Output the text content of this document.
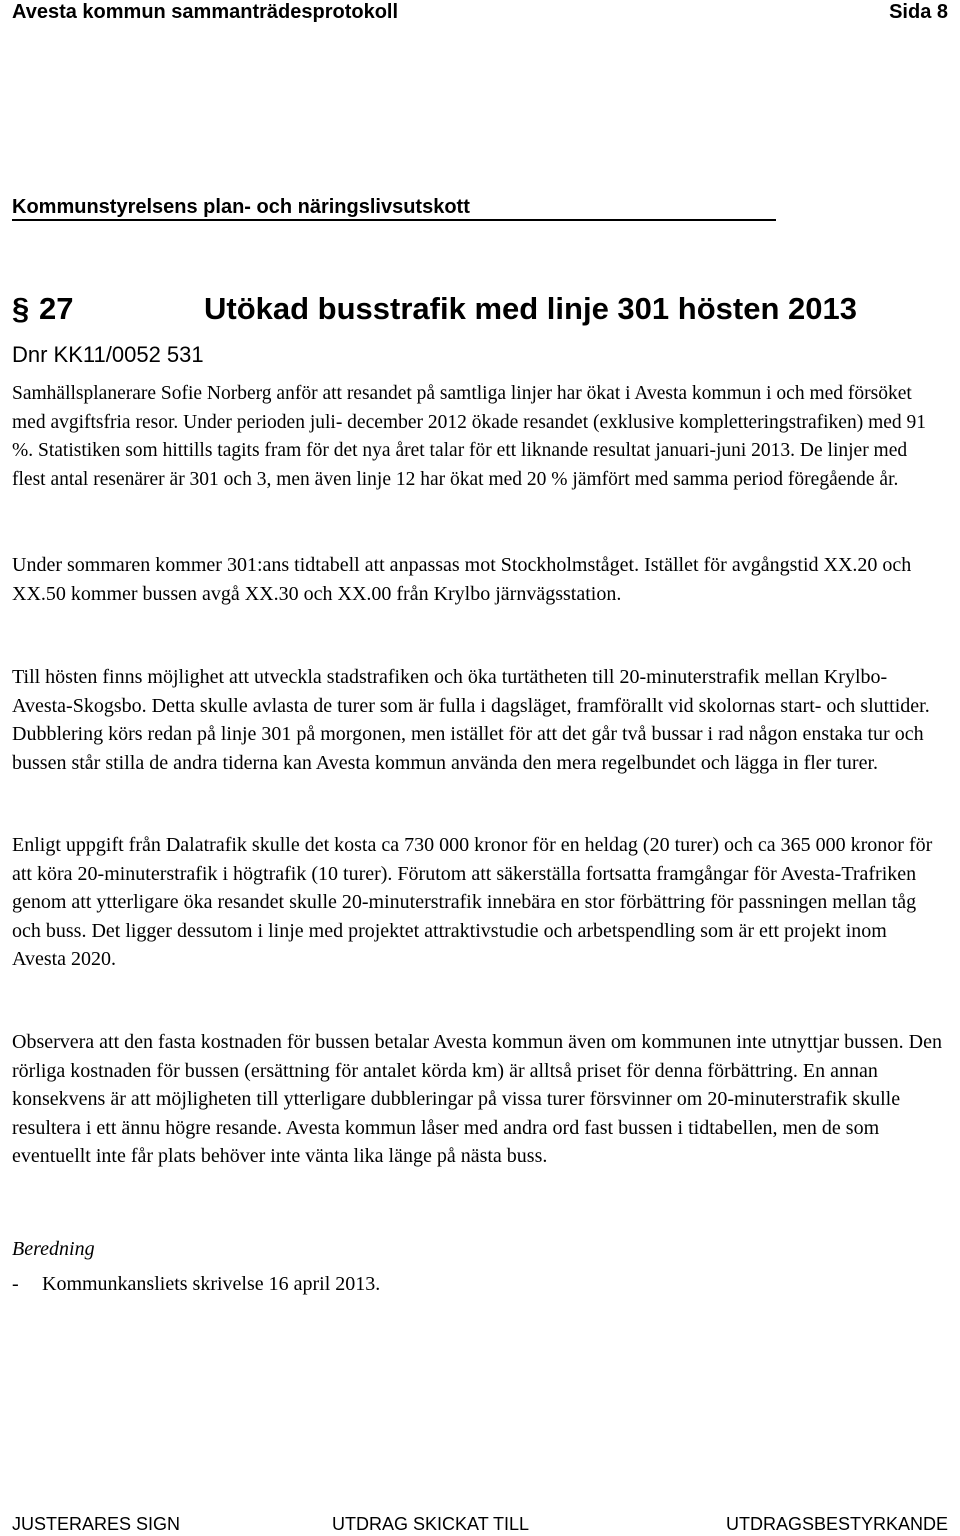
Avesta kommun sammanträdesprotokoll	Sida 8
Kommunstyrelsens plan- och näringslivsutskott
§ 27	Utökad busstrafik med linje 301 hösten 2013
Dnr KK11/0052 531

Samhällsplanerare Sofie Norberg anför att resandet på samtliga linjer har ökat i Avesta kommun i och med försöket med avgiftsfria resor. Under perioden juli- december 2012 ökade resandet (exklusive kompletteringstrafiken) med 91 %. Statistiken som hittills tagits fram för det nya året talar för ett liknande resultat januari-juni 2013. De linjer med flest antal resenärer är 301 och 3, men även linje 12 har ökat med 20 % jämfört med samma period föregående år.

Under sommaren kommer 301:ans tidtabell att anpassas mot Stockholmståget. Istället för avgångstid XX.20 och XX.50 kommer bussen avgå XX.30 och XX.00 från Krylbo järnvägsstation.

Till hösten finns möjlighet att utveckla stadstrafiken och öka turtätheten till 20-minuterstrafik mellan Krylbo-Avesta-Skogsbo. Detta skulle avlasta de turer som är fulla i dagsläget, framförallt vid skolornas start- och sluttider. Dubblering körs redan på linje 301 på morgonen, men istället för att det går två bussar i rad någon enstaka tur och bussen står stilla de andra tiderna kan Avesta kommun använda den mera regelbundet och lägga in fler turer.

Enligt uppgift från Dalatrafik skulle det kosta ca 730 000 kronor för en heldag (20 turer) och ca 365 000 kronor för att köra 20-minuterstrafik i högtrafik (10 turer). Förutom att säkerställa fortsatta framgångar för Avesta-Trafriken genom att ytterligare öka resandet skulle 20-minuterstrafik innebära en stor förbättring för passningen mellan tåg och buss. Det ligger dessutom i linje med projektet attraktivstudie och arbetspendling som är ett projekt inom Avesta 2020.

Observera att den fasta kostnaden för bussen betalar Avesta kommun även om kommunen inte utnyttjar bussen. Den rörliga kostnaden för bussen (ersättning för antalet körda km) är alltså priset för denna förbättring. En annan konsekvens är att möjligheten till ytterligare dubbleringar på vissa turer försvinner om 20-minuterstrafik skulle resultera i ett ännu högre resande. Avesta kommun låser med andra ord fast bussen i tidtabellen, men de som eventuellt inte får plats behöver inte vänta lika länge på nästa buss.

Beredning
- Kommunkansliets skrivelse 16 april 2013.
JUSTERARES SIGN	UTDRAG SKICKAT TILL	UTDRAGSBESTYRKANDE
